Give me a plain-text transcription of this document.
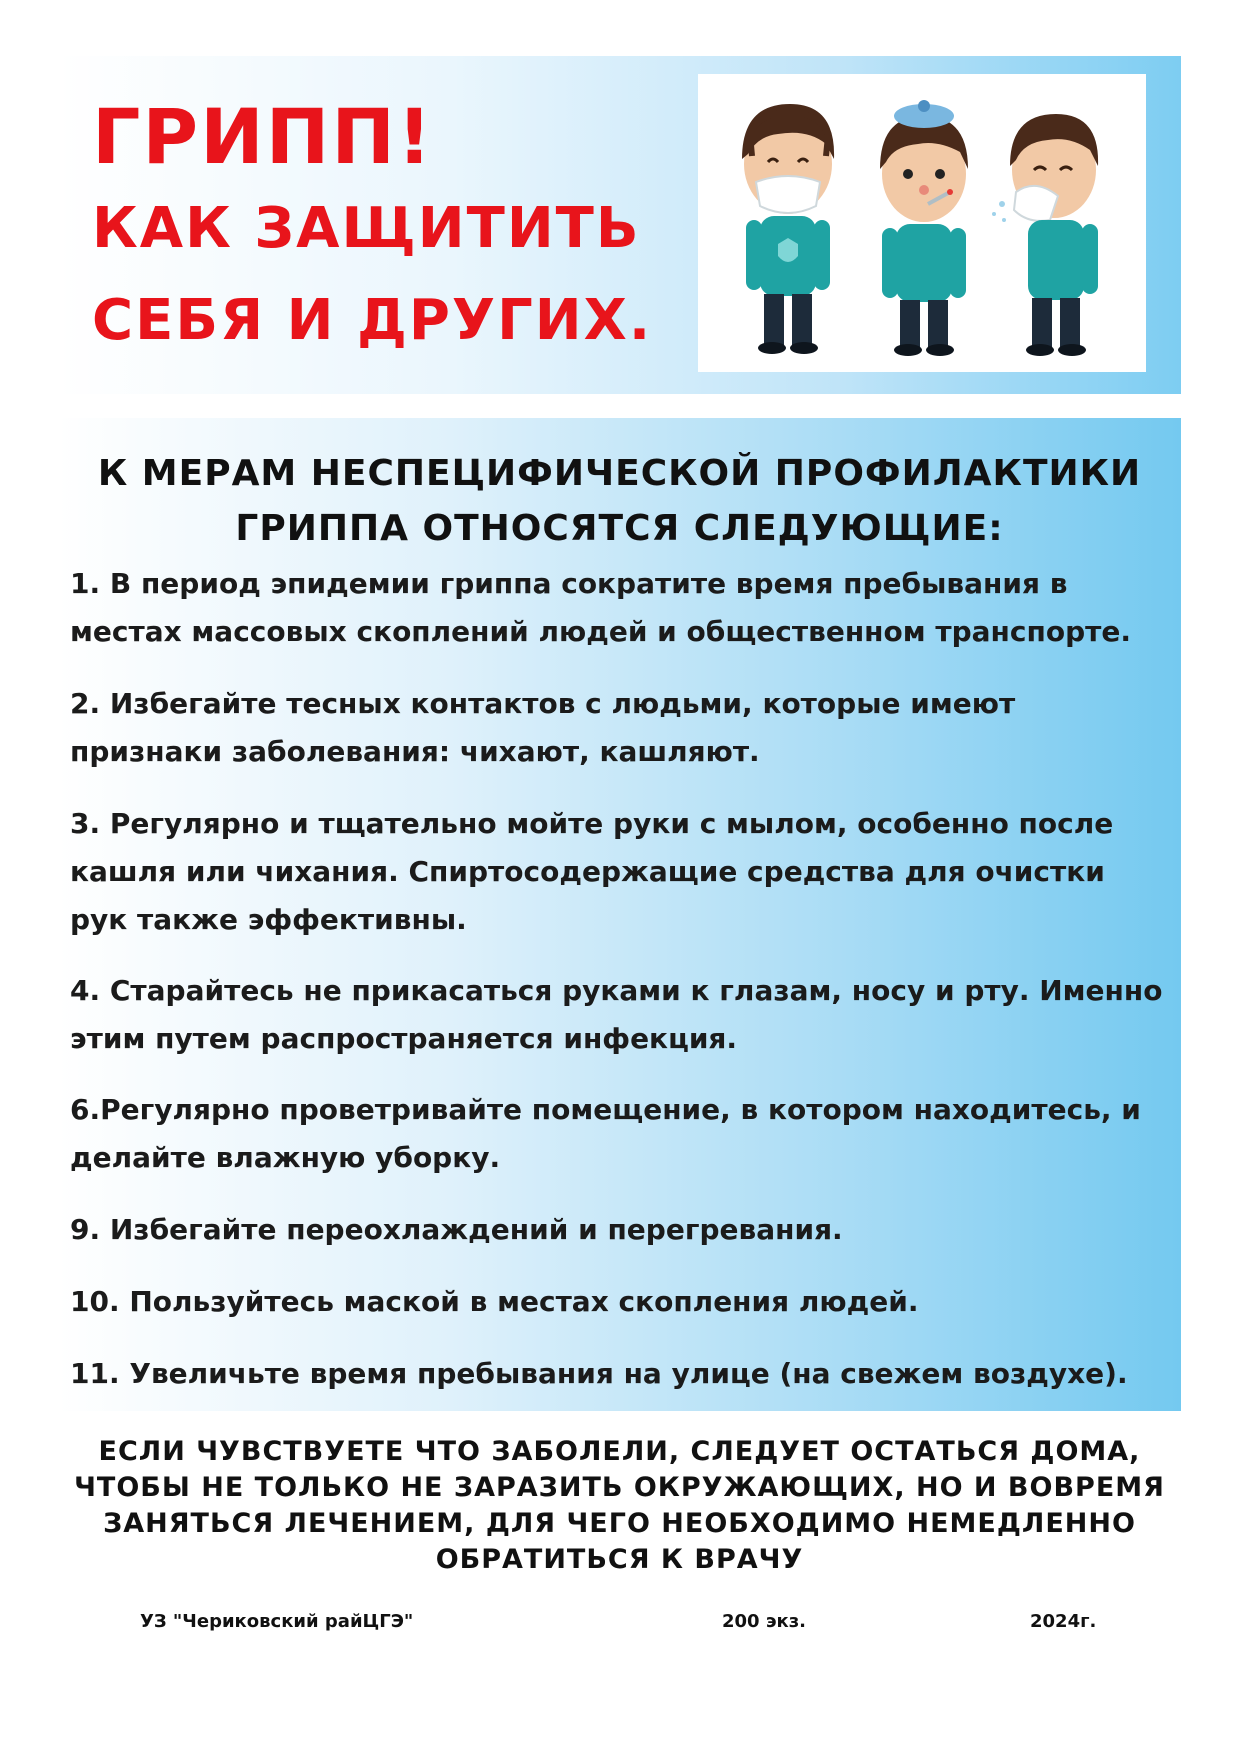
ГРИПП!
КАК ЗАЩИТИТЬ
СЕБЯ И ДРУГИХ.
К МЕРАМ НЕСПЕЦИФИЧЕСКОЙ ПРОФИЛАКТИКИ
ГРИППА ОТНОСЯТСЯ СЛЕДУЮЩИЕ:
1. В период эпидемии гриппа сократите время пребывания в местах массовых скоплений людей и общественном транспорте.
2. Избегайте тесных контактов с людьми, которые имеют признаки заболевания: чихают, кашляют.
3. Регулярно и тщательно мойте руки с мылом, особенно после кашля или чихания. Спиртосодержащие средства для очистки рук также эффективны.
4. Старайтесь не прикасаться руками к глазам, носу и рту. Именно этим путем распространяется инфекция.
6.Регулярно проветривайте помещение, в котором находитесь, и делайте влажную уборку.
9. Избегайте переохлаждений и перегревания.
10. Пользуйтесь маской в местах скопления людей.
11. Увеличьте время пребывания на улице (на свежем воздухе).
ЕСЛИ ЧУВСТВУЕТЕ ЧТО ЗАБОЛЕЛИ, СЛЕДУЕТ ОСТАТЬСЯ ДОМА,
ЧТОБЫ НЕ ТОЛЬКО НЕ ЗАРАЗИТЬ ОКРУЖАЮЩИХ, НО И ВОВРЕМЯ
ЗАНЯТЬСЯ ЛЕЧЕНИЕМ, ДЛЯ ЧЕГО НЕОБХОДИМО НЕМЕДЛЕННО
ОБРАТИТЬСЯ К ВРАЧУ
УЗ "Чериковский райЦГЭ"	200 экз.	2024г.
